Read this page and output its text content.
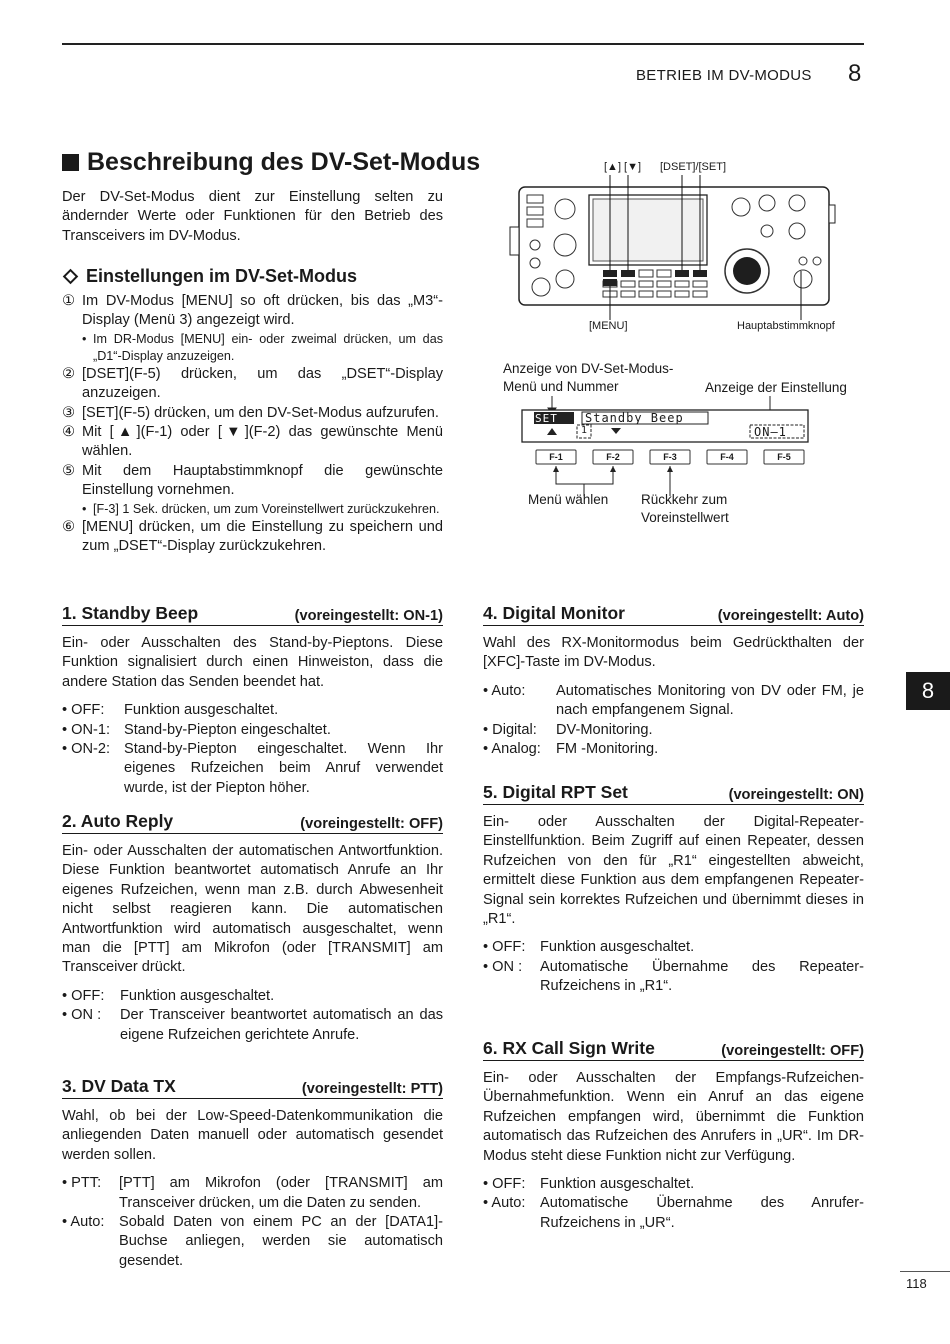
BETRIEB IM DV-MODUS 8
Beschreibung des DV-Set-Modus
Der DV-Set-Modus dient zur Einstellung selten zu ändernder Werte oder Funktionen für den Betrieb des Transceivers im DV-Modus.
Einstellungen im DV-Set-Modus
① Im DV-Modus [MENU] so oft drücken, bis das „M3“-Display (Menü 3) angezeigt wird.
• Im DR-Modus [MENU] ein- oder zweimal drücken, um das „D1“-Display anzuzeigen.
② [DSET](F-5) drücken, um das „DSET“-Display anzuzeigen.
③ [SET](F-5) drücken, um den DV-Set-Modus aufzurufen.
④ Mit [▲](F-1) oder [▼](F-2) das gewünschte Menü wählen.
⑤ Mit dem Hauptabstimmknopf die gewünschte Einstellung vornehmen.
• [F-3] 1 Sek. drücken, um zum Voreinstellwert zurückzukehren.
⑥ [MENU] drücken, um die Einstellung zu speichern und zum „DSET“-Display zurückzukehren.
[▲] [▼] [DSET]/[SET]
[MENU]	Hauptabstimmknopf
Anzeige von DV-Set-Modus-Menü und Nummer	Anzeige der Einstellung
SET Standby Beep
1	ON–1
F-1	F-2	F-3	F-4	F-5
Menü wählen Rückkehr zum Voreinstellwert
1. Standby Beep	(voreingestellt: ON-1)
Ein- oder Ausschalten des Stand-by-Pieptons. Diese Funktion signalisiert durch einen Hinweiston, dass die andere Station das Senden beendet hat.
• OFF:	Funktion ausgeschaltet.
• ON-1: Stand-by-Piepton eingeschaltet.
• ON-2: Stand-by-Piepton eingeschaltet. Wenn Ihr eigenes Rufzeichen beim Anruf verwendet wurde, ist der Piepton höher.
2. Auto Reply	(voreingestellt: OFF)
Ein- oder Ausschalten der automatischen Antwortfunktion. Diese Funktion beantwortet automatisch Anrufe an Ihr eigenes Rufzeichen, wenn man z.B. durch Abwesenheit nicht selbst reagieren kann. Die automatischen Antwortfunktion wird automatisch ausgeschaltet, wenn man die [PTT] am Mikrofon (oder [TRANSMIT] am Transceiver drückt.
• OFF:	Funktion ausgeschaltet.
• ON :	Der Transceiver beantwortet automatisch an das eigene Rufzeichen gerichtete Anrufe.
3. DV Data TX	(voreingestellt: PTT)
Wahl, ob bei der Low-Speed-Datenkommunikation die anliegenden Daten manuell oder automatisch gesendet werden sollen.
• PTT:	[PTT] am Mikrofon (oder [TRANSMIT] am Transceiver drücken, um die Daten zu senden.
• Auto: Sobald Daten von einem PC an der [DATA1]-Buchse anliegen, werden sie automatisch gesendet.
4. Digital Monitor	(voreingestellt: Auto)
Wahl des RX-Monitormodus beim Gedrückthalten der [XFC]-Taste im DV-Modus.
• Auto:	Automatisches Monitoring von DV oder FM, je nach empfangenem Signal.
• Digital:	DV-Monitoring.
• Analog:	FM -Monitoring.
5. Digital RPT Set	(voreingestellt: ON)
Ein- oder Ausschalten der Digital-Repeater-Einstellfunktion. Beim Zugriff auf einen Repeater, dessen Rufzeichen von den für „R1“ eingestellten abweicht, ermittelt diese Funktion aus dem empfangenen Repeater-Signal sein korrektes Rufzeichen und übernimmt dieses in „R1“.
• OFF: Funktion ausgeschaltet.
• ON :	Automatische Übernahme des Repeater-Rufzeichens in „R1“.
6. RX Call Sign Write	(voreingestellt: OFF)
Ein- oder Ausschalten der Empfangs-Rufzeichen-Übernahmefunktion. Wenn ein Anruf an das eigene Rufzeichen empfangen wird, übernimmt die Funktion automatisch das Rufzeichen des Anrufers in „UR“. Im DR-Modus steht diese Funktion nicht zur Verfügung.
• OFF: Funktion ausgeschaltet.
• Auto: Automatische Übernahme des Anrufer-Rufzeichens in „UR“.
8
118
